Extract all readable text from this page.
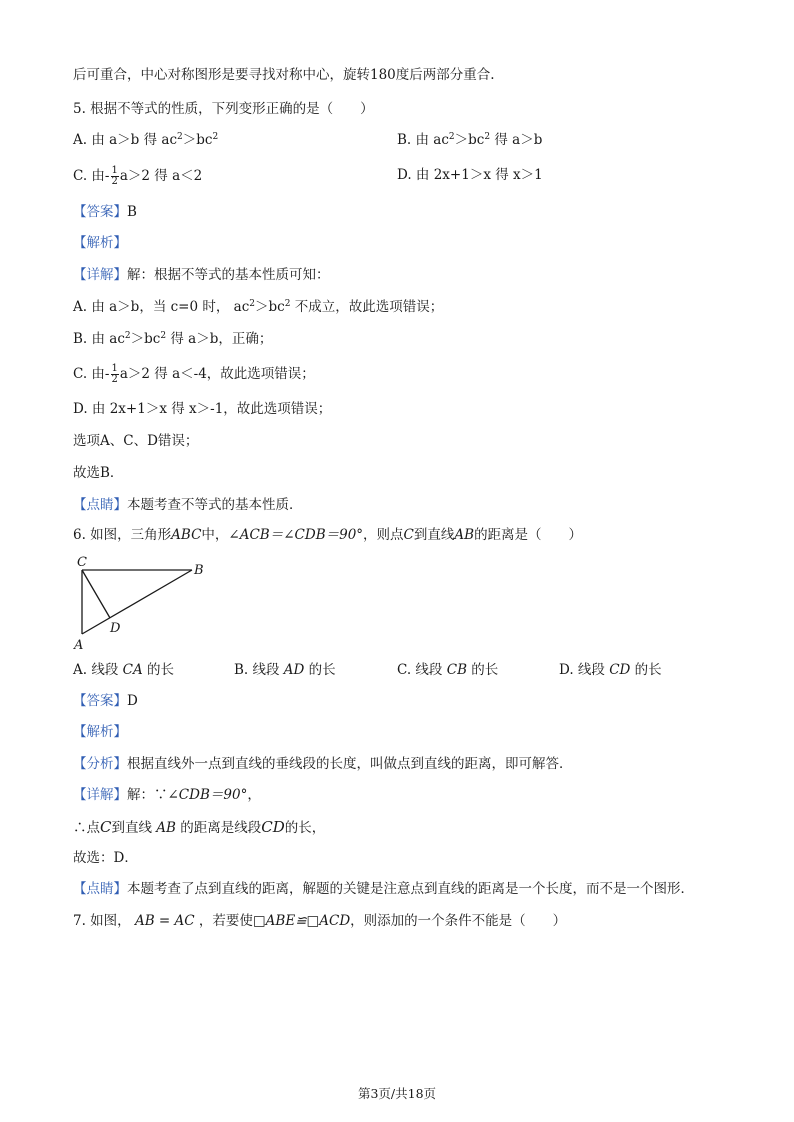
后可重合，中心对称图形是要寻找对称中心，旋转180度后两部分重合.
5. 根据不等式的性质，下列变形正确的是（　　）
A. 由 a＞b 得 $ac^2>bc^2$	B. 由 $ac^2>bc^2$ 得 a＞b
C. 由- $\frac{1}{2} a>2$ 得 a＜2	D. 由 2x+1＞x 得 x＞1
【答案】B
【解析】
【详解】解：根据不等式的基本性质可知：
A. 由 a＞b，当 c=0 时， $ac^2>bc^2$ 不成立，故此选项错误；
B. 由 $ac^2>bc^2$ 得 a＞b，正确；
C. 由- $\frac{1}{2} a>2$ 得 a＜-4，故此选项错误；
D. 由 2x+1＞x 得 x＞-1，故此选项错误；
选项A、C、D错误；
故选B．
【点睛】本题考查不等式的基本性质．
6. 如图，三角形ABC中，∠ACB＝∠CDB＝90°，则点C到直线AB的距离是（　　）
C
B
A
D
A. 线段 CA 的长	B. 线段 AD 的长	C. 线段 CB 的长	D. 线段 CD 的长
【答案】D
【解析】
【分析】根据直线外一点到直线的垂线段的长度，叫做点到直线的距离，即可解答．
【详解】解：∵∠CDB＝90°，
∴点C到直线 AB 的距离是线段CD的长，
故选：D．
【点睛】本题考查了点到直线的距离，解题的关键是注意点到直线的距离是一个长度，而不是一个图形．
7. 如图， AB = AC ，若要使□ABE≌□ACD，则添加的一个条件不能是（　　）
第3页/共18页
